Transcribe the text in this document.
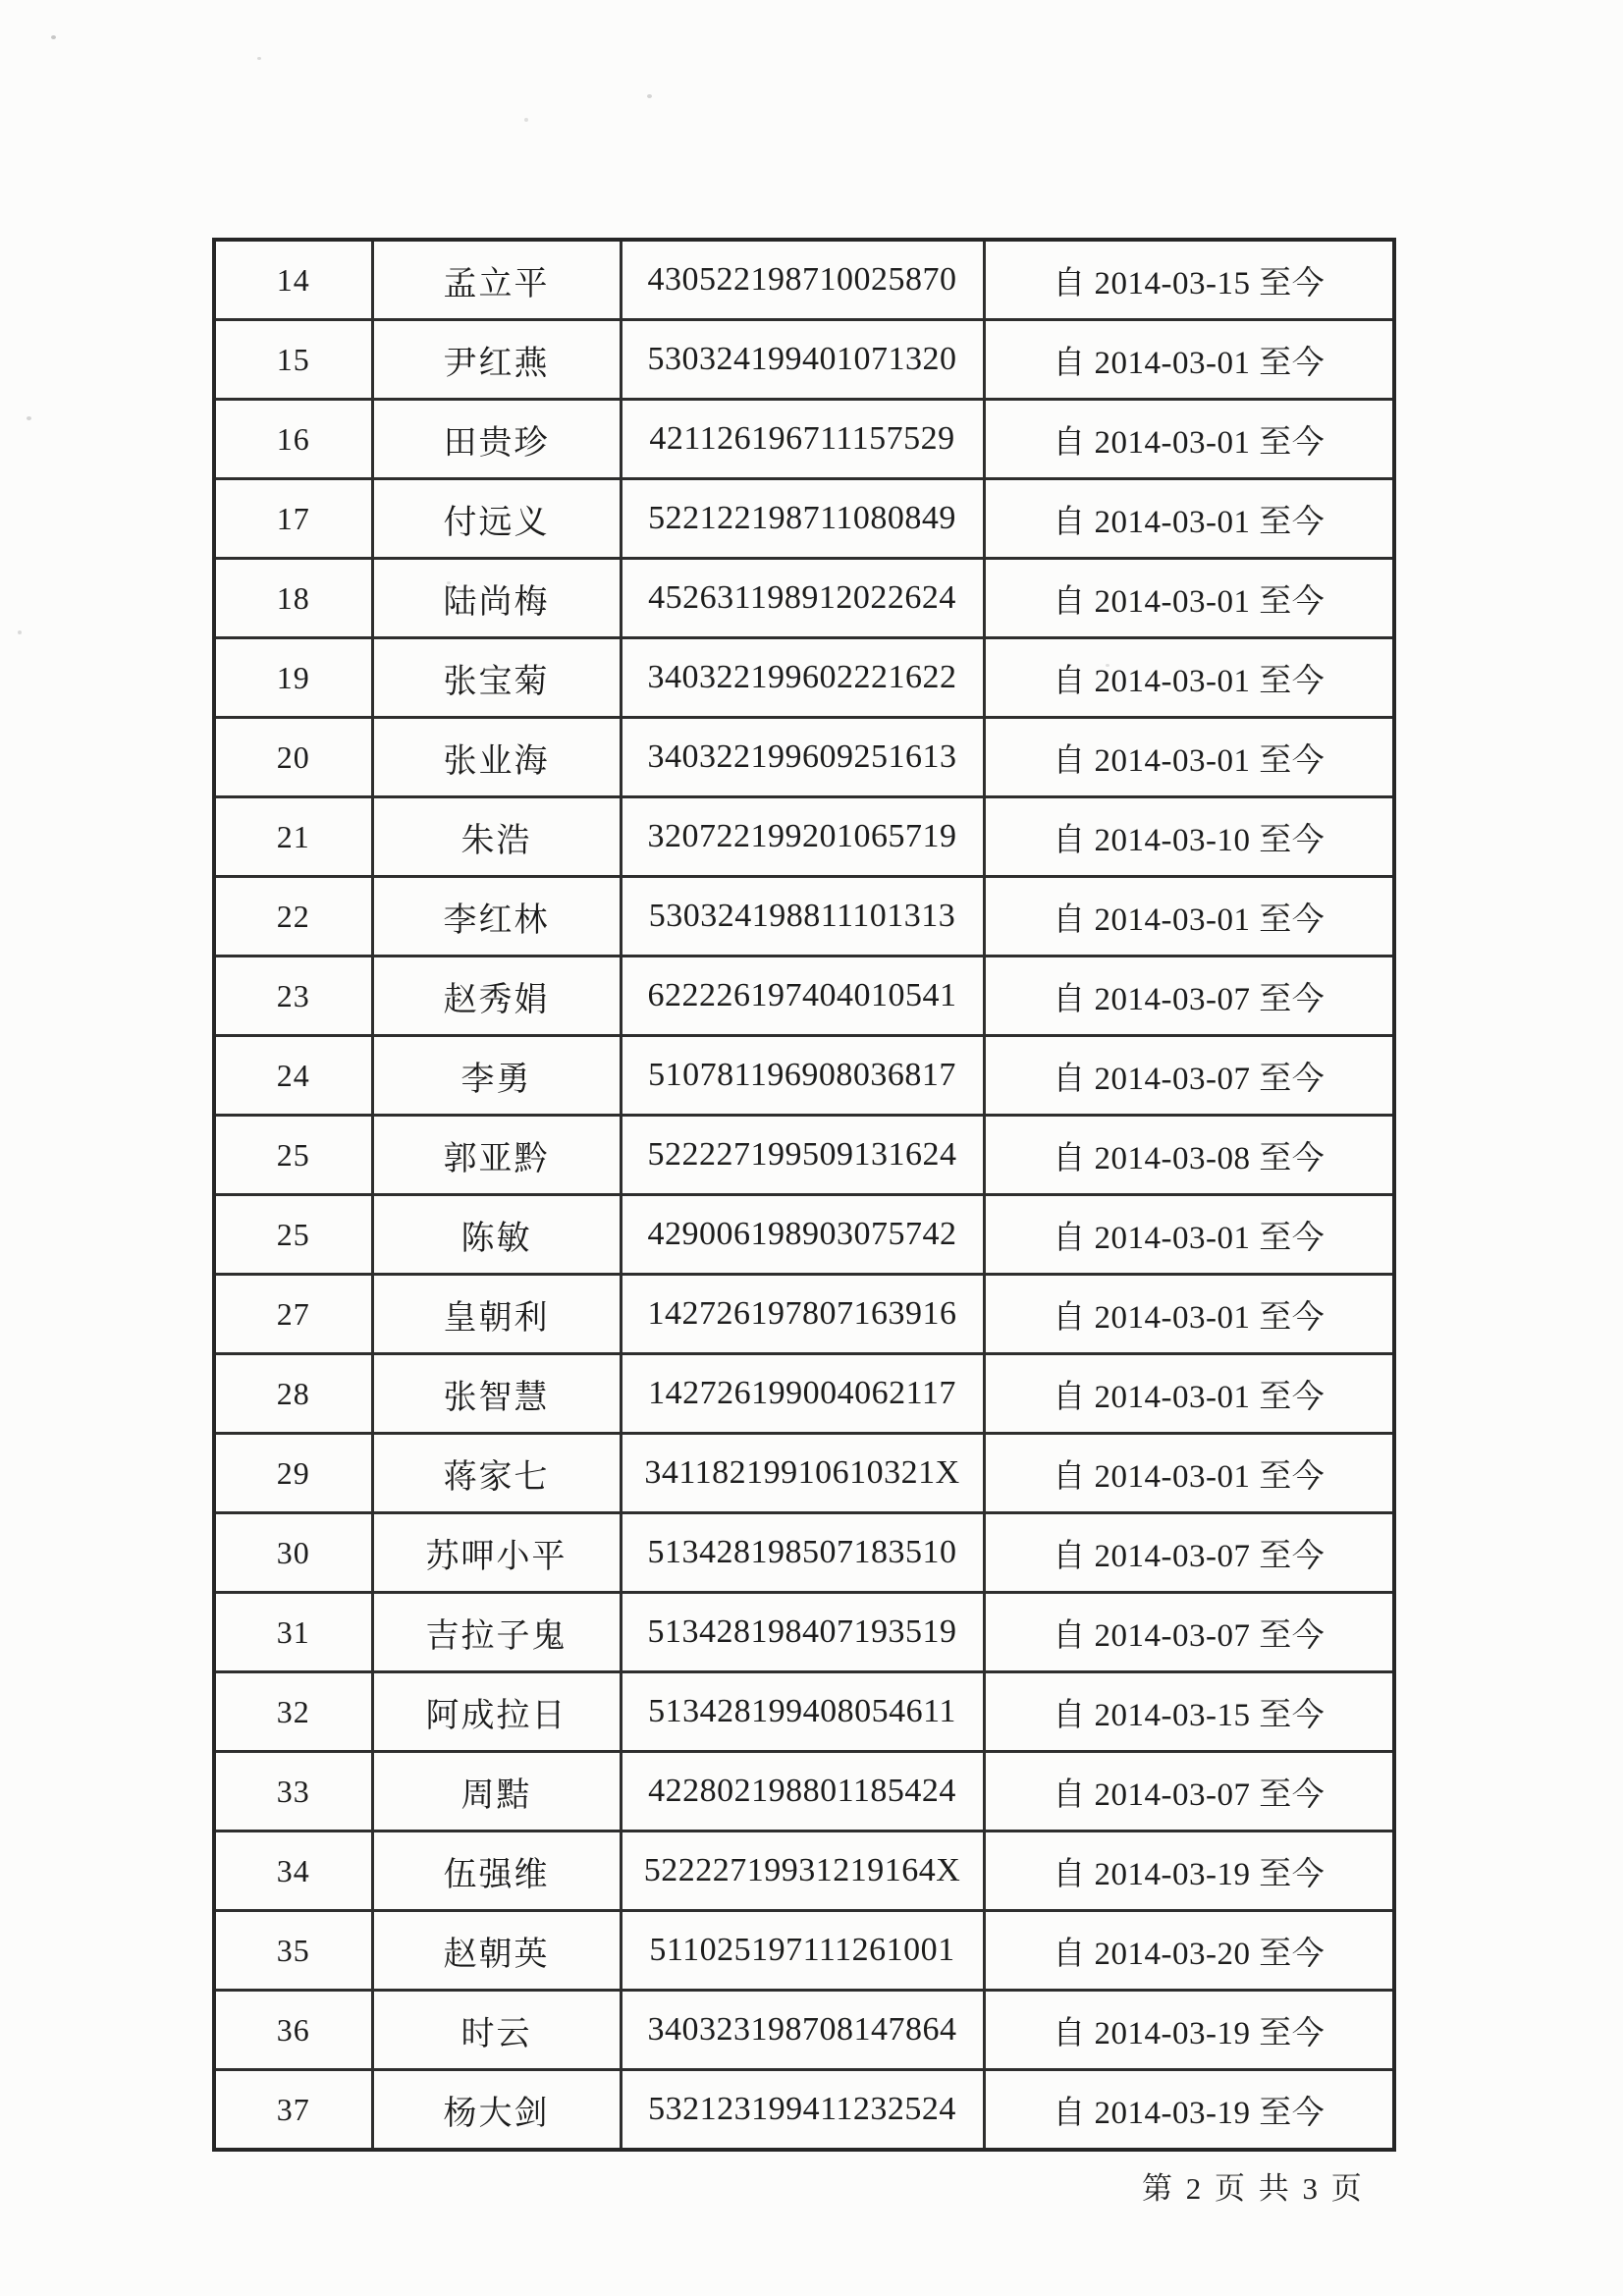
14	孟立平	430522198710025870	自 2014-03-15 至今
15	尹红燕	530324199401071320	自 2014-03-01 至今
16	田贵珍	421126196711157529	自 2014-03-01 至今
17	付远义	522122198711080849	自 2014-03-01 至今
18	陆尚梅	452631198912022624	自 2014-03-01 至今
19	张宝菊	340322199602221622	自 2014-03-01 至今
20	张业海	340322199609251613	自 2014-03-01 至今
21	朱浩	320722199201065719	自 2014-03-10 至今
22	李红林	530324198811101313	自 2014-03-01 至今
23	赵秀娟	622226197404010541	自 2014-03-07 至今
24	李勇	510781196908036817	自 2014-03-07 至今
25	郭亚黔	522227199509131624	自 2014-03-08 至今
25	陈敏	429006198903075742	自 2014-03-01 至今
27	皇朝利	142726197807163916	自 2014-03-01 至今
28	张智慧	142726199004062117	自 2014-03-01 至今
29	蒋家七	34118219910610321X	自 2014-03-01 至今
30	苏呷小平	513428198507183510	自 2014-03-07 至今
31	吉拉子鬼	513428198407193519	自 2014-03-07 至今
32	阿成拉日	513428199408054611	自 2014-03-15 至今
33	周黠	422802198801185424	自 2014-03-07 至今
34	伍强维	52222719931219164X	自 2014-03-19 至今
35	赵朝英	511025197111261001	自 2014-03-20 至今
36	时云	340323198708147864	自 2014-03-19 至今
37	杨大剑	532123199411232524	自 2014-03-19 至今
第 2 页 共 3 页
